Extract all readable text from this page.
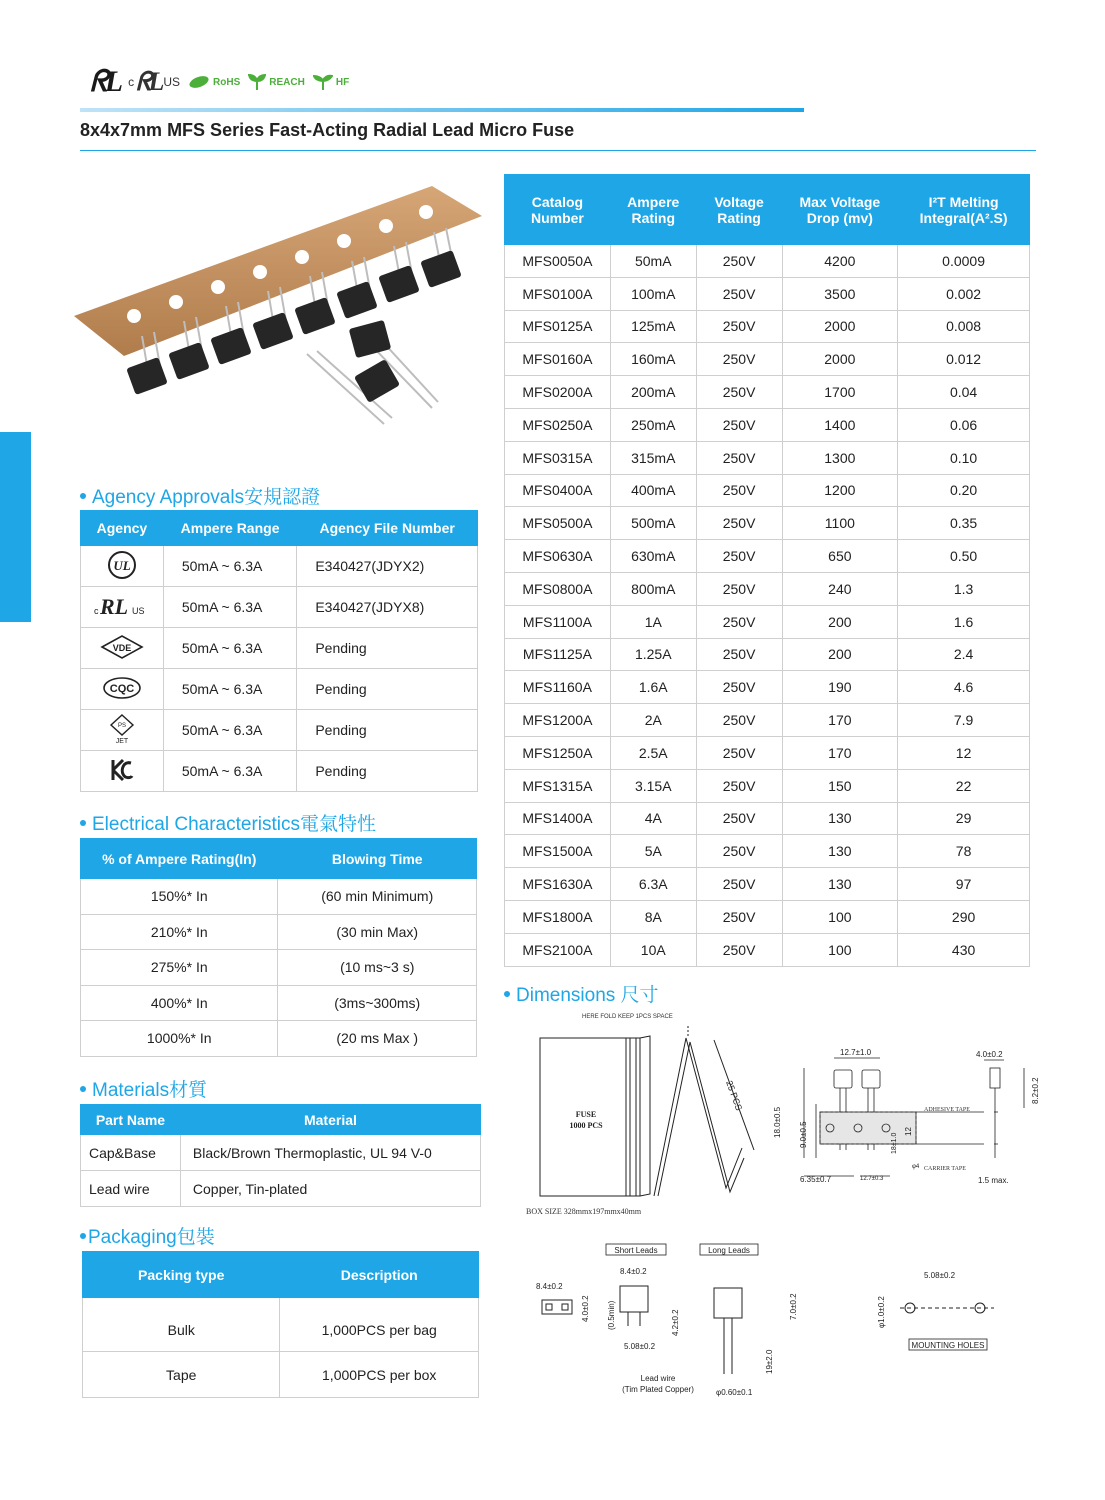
ᖇL c ᖇL US	RoHS	REACH	HF
8x4x7mm MFS Series Fast-Acting Radial Lead Micro Fuse
Catalog Number	Ampere Rating	Voltage Rating	Max Voltage Drop (mv)	I²T Melting Integral(A².S)
MFS0050A	50mA	250V	4200	0.0009
MFS0100A	100mA	250V	3500	0.002
MFS0125A	125mA	250V	2000	0.008
MFS0160A	160mA	250V	2000	0.012
MFS0200A	200mA	250V	1700	0.04
MFS0250A	250mA	250V	1400	0.06
MFS0315A	315mA	250V	1300	0.10
MFS0400A	400mA	250V	1200	0.20
MFS0500A	500mA	250V	1100	0.35
MFS0630A	630mA	250V	650	0.50
MFS0800A	800mA	250V	240	1.3
MFS1100A	1A	250V	200	1.6
MFS1125A	1.25A	250V	200	2.4
MFS1160A	1.6A	250V	190	4.6
MFS1200A	2A	250V	170	7.9
MFS1250A	2.5A	250V	170	12
MFS1315A	3.15A	250V	150	22
MFS1400A	4A	250V	130	29
MFS1500A	5A	250V	130	78
MFS1630A	6.3A	250V	130	97
MFS1800A	8A	250V	100	290
MFS2100A	10A	250V	100	430
Agency Approvals安規認證
Agency	Ampere Range	Agency File Number

UL	50mA ~ 6.3A	E340427(JDYX2)

c RL US	50mA ~ 6.3A	E340427(JDYX8)

VDE	50mA ~ 6.3A	Pending

CQC	50mA ~ 6.3A	Pending

PS
JET	50mA ~ 6.3A	Pending
	50mA ~ 6.3A	Pending
Electrical Characteristics電氣特性
% of Ampere Rating(In)	Blowing Time
150%* In	(60 min Minimum)
210%* In	(30 min Max)
275%* In	(10 ms~3 s)
400%* In	(3ms~300ms)
1000%* In	(20 ms Max )
Materials材質
Part Name	Material
Cap&Base	Black/Brown Thermoplastic, UL 94 V-0
Lead wire	Copper, Tin-plated
Packaging包裝
Packing type	Description
Bulk	1,000PCS per bag
Tape	1,000PCS per box
Dimensions 尺寸
HERE FOLD KEEP 1PCS SPACE
FUSE
1000 PCS
25 PCS
BOX SIZE 328mmx197mmx40mm
12.7±1.0	4.0±0.2
18.0±0.5 9.0±0.5	18±1.0
12
6.35±0.7	12.7±0.3
8.2±0.2
φ4
ADHESIVE TAPE
CARRIER TAPE
1.5 max.
Short Leads	Long Leads
8.4±0.2
4.0±0.2
8.4±0.2
(0.5min)	4.2±0.2
5.08±0.2
7.0±0.2
19±2.0
Lead wire
(Tim Plated Copper)	φ0.60±0.1
5.08±0.2
φ1.0±0.2
MOUNTING HOLES
